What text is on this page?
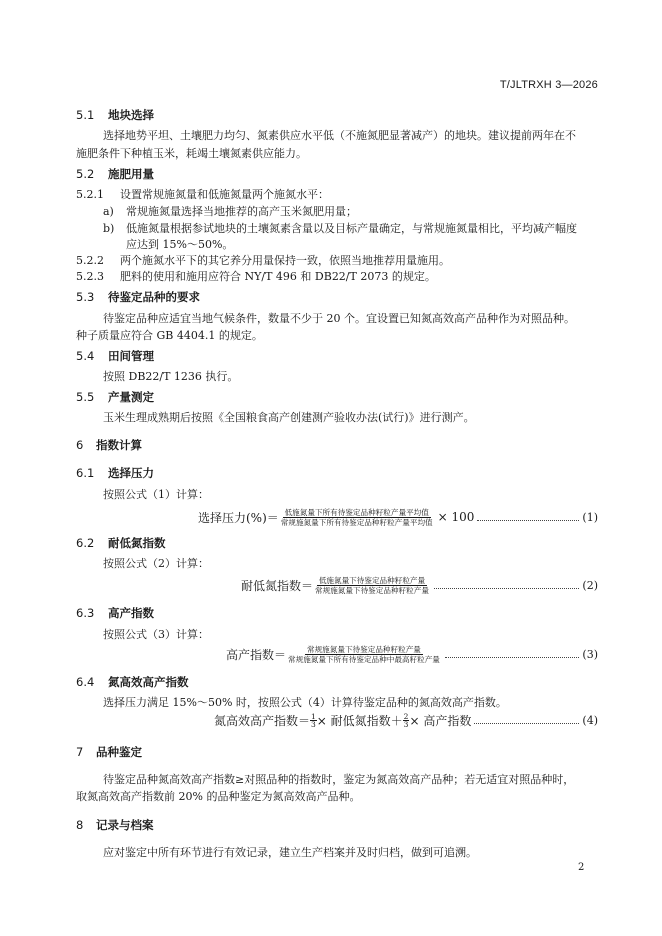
T/JLTRXH 3—2026
5.1 地块选择
选择地势平坦、土壤肥力均匀、氮素供应水平低（不施氮肥显著减产）的地块。建议提前两年在不
施肥条件下种植玉米，耗竭土壤氮素供应能力。
5.2 施肥用量
5.2.1 设置常规施氮量和低施氮量两个施氮水平：
a) 常规施氮量选择当地推荐的高产玉米氮肥用量；
b) 低施氮量根据参试地块的土壤氮素含量以及目标产量确定，与常规施氮量相比，平均减产幅度
应达到 15%～50%。
5.2.2 两个施氮水平下的其它养分用量保持一致，依照当地推荐用量施用。
5.2.3 肥料的使用和施用应符合 NY/T 496 和 DB22/T 2073 的规定。
5.3 待鉴定品种的要求
待鉴定品种应适宜当地气候条件，数量不少于 20 个。宜设置已知氮高效高产品种作为对照品种。
种子质量应符合 GB 4404.1 的规定。
5.4 田间管理
按照 DB22/T 1236 执行。
5.5 产量测定
玉米生理成熟期后按照《全国粮食高产创建测产验收办法(试行)》进行测产。
6 指数计算
6.1 选择压力
按照公式（1）计算：
选择压力(%)＝ $\frac{\text{低施氮量下所有待鉴定品种籽粒产量平均值}}{\text{常规施氮量下所有待鉴定品种籽粒产量平均值}} \times 100$	(1)
6.2 耐低氮指数
按照公式（2）计算：
耐低氮指数＝ $\frac{\text{低施氮量下待鉴定品种籽粒产量}}{\text{常规施氮量下待鉴定品种籽粒产量}}$	(2)
6.3 高产指数
按照公式（3）计算：
高产指数＝ $\frac{\text{常规施氮量下待鉴定品种籽粒产量}}{\text{常规施氮量下所有待鉴定品种中最高籽粒产量}}$	(3)
6.4 氮高效高产指数
选择压力满足 15%～50% 时，按照公式（4）计算待鉴定品种的氮高效高产指数。
氮高效高产指数＝ $\frac{1}{3}$ × 耐低氮指数＋ $\frac{2}{3}$ × 高产指数	(4)
7 品种鉴定
待鉴定品种氮高效高产指数≥对照品种的指数时，鉴定为氮高效高产品种；若无适宜对照品种时，
取氮高效高产指数前 20% 的品种鉴定为氮高效高产品种。
8 记录与档案
应对鉴定中所有环节进行有效记录，建立生产档案并及时归档，做到可追溯。
2
